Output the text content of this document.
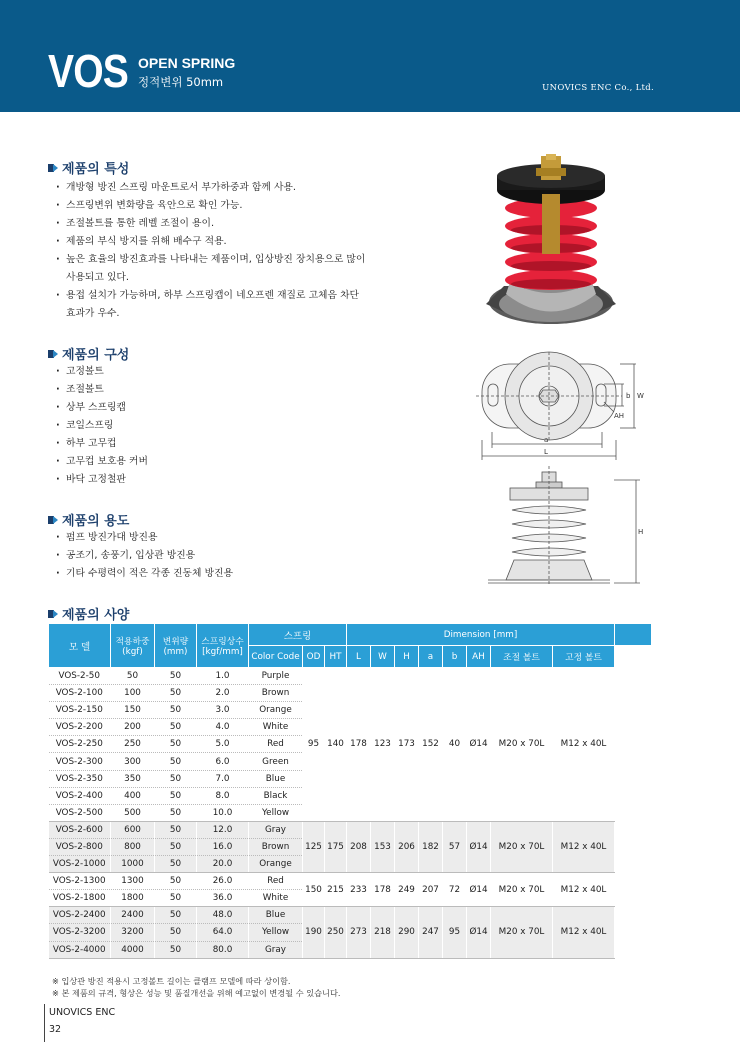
VOS OPEN SPRING
정적변위 50mm	UNOVICS ENC Co., Ltd.
제품의 특성
· 개방형 방진 스프링 마운트로서 부가하중과 함께 사용.
· 스프링변위 변화량을 육안으로 확인 가능.
· 조절볼트를 통한 레벨 조절이 용이.
· 제품의 부식 방지를 위해 배수구 적용.
· 높은 효율의 방진효과를 나타내는 제품이며, 입상방진 장치용으로 많이
사용되고 있다.
· 용접 설치가 가능하며, 하부 스프링캡이 네오프렌 재질로 고체음 차단
효과가 우수.
b W
AH
a
L
H
제품의 구성
· 고정볼트
· 조절볼트
· 상부 스프링캡
· 코일스프링
· 하부 고무컵
· 고무컵 보호용 커버
· 바닥 고정철판
제품의 용도
· 펌프 방진가대 방진용
· 공조기, 송풍기, 입상관 방진용
· 기타 수평력이 적은 각종 진동체 방진용
제품의 사양
모 델	적용하중
(kgf)	변위량
(mm)	스프링상수
[kgf/mm]	스프링			Dimension [mm]								
				Color Code	OD	HT	L	W	H	a	b	AH	조절 볼트	고정 볼트	
VOS-2-50	50	50	1.0	Purple	95	140	178	123	173	152	40	Ø14	M20 x 70L	M12 x 40L	
VOS-2-100	100	50	2.0	Brown											
VOS-2-150	150	50	3.0	Orange											
VOS-2-200	200	50	4.0	White											
VOS-2-250	250	50	5.0	Red											
VOS-2-300	300	50	6.0	Green											
VOS-2-350	350	50	7.0	Blue											
VOS-2-400	400	50	8.0	Black											
VOS-2-500	500	50	10.0	Yellow											
VOS-2-600	600	50	12.0	Gray	125	175	208	153	206	182	57	Ø14	M20 x 70L	M12 x 40L	
VOS-2-800	800	50	16.0	Brown											
VOS-2-1000	1000	50	20.0	Orange											
VOS-2-1300	1300	50	26.0	Red	150	215	233	178	249	207	72	Ø14	M20 x 70L	M12 x 40L	
VOS-2-1800	1800	50	36.0	White											
VOS-2-2400	2400	50	48.0	Blue	190	250	273	218	290	247	95	Ø14	M20 x 70L	M12 x 40L	
VOS-2-3200	3200	50	64.0	Yellow											
VOS-2-4000	4000	50	80.0	Gray											
※ 입상관 방진 적용시 고정볼트 길이는 클램프 모델에 따라 상이함.
※ 본 제품의 규격, 형상은 성능 및 품질개선을 위해 예고없이 변경될 수 있습니다.
UNOVICS ENC
32
